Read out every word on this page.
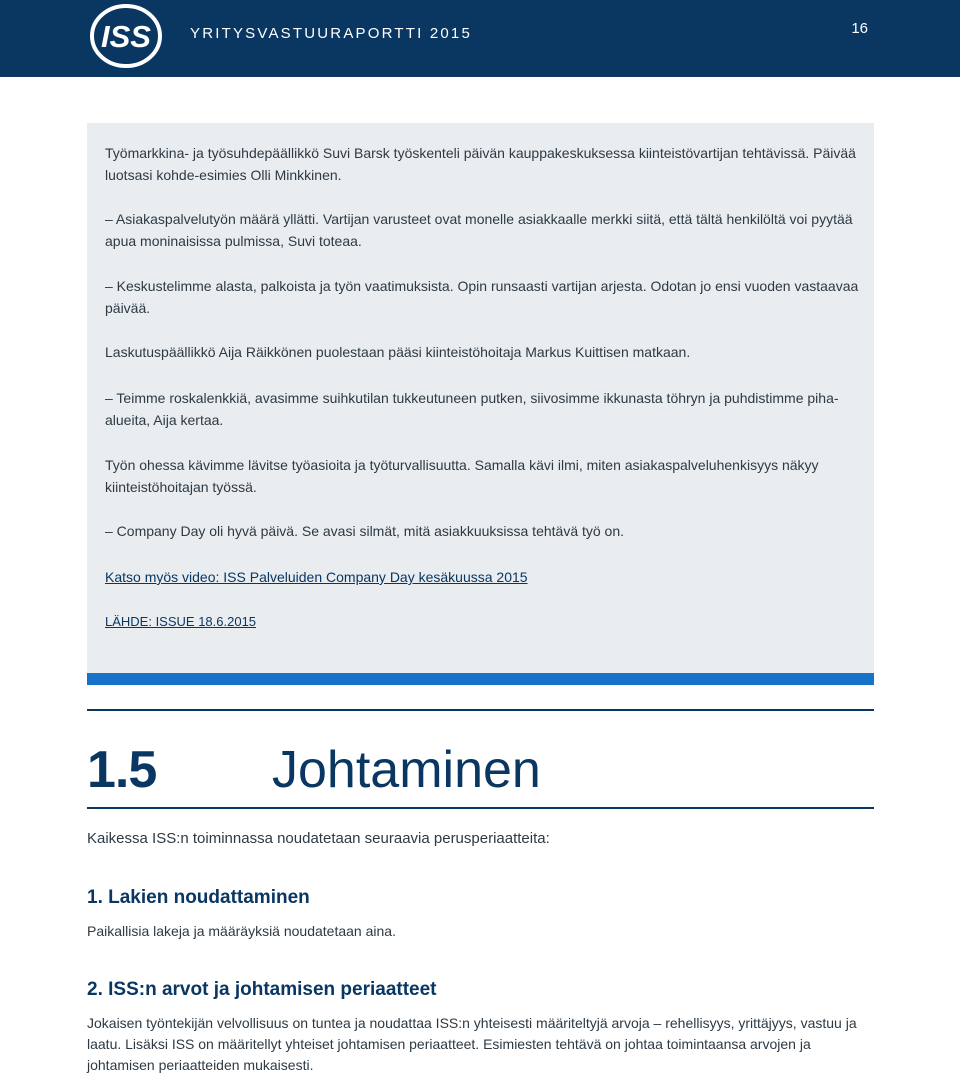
ISS	YRITYSVASTUURAPORTTI 2015	16

Työmarkkina- ja työsuhdepäällikkö Suvi Barsk työskenteli päivän kauppakeskuksessa kiinteistövartijan tehtävissä. Päivää luotsasi kohde-esimies Olli Minkkinen.

– Asiakaspalvelutyön määrä yllätti. Vartijan varusteet ovat monelle asiakkaalle merkki siitä, että tältä henkilöltä voi pyytää apua moninaisissa pulmissa, Suvi toteaa.

– Keskustelimme alasta, palkoista ja työn vaatimuksista. Opin runsaasti vartijan arjesta. Odotan jo ensi vuoden vastaavaa päivää.

Laskutuspäällikkö Aija Räikkönen puolestaan pääsi kiinteistöhoitaja Markus Kuittisen matkaan.

– Teimme roskalenkkiä, avasimme suihkutilan tukkeutuneen putken, siivosimme ikkunasta töhryn ja puhdistimme piha-alueita, Aija kertaa.

Työn ohessa kävimme lävitse työasioita ja työturvallisuutta. Samalla kävi ilmi, miten asiakaspalveluhenkisyys näkyy kiinteistöhoitajan työssä.

– Company Day oli hyvä päivä. Se avasi silmät, mitä asiakkuuksissa tehtävä työ on.

Katso myös video: ISS Palveluiden Company Day kesäkuussa 2015

LÄHDE: ISSUE 18.6.2015

1.5 Johtaminen
Kaikessa ISS:n toiminnassa noudatetaan seuraavia perusperiaatteita:
1. Lakien noudattaminen

Paikallisia lakeja ja määräyksiä noudatetaan aina.

2. ISS:n arvot ja johtamisen periaatteet

Jokaisen työntekijän velvollisuus on tuntea ja noudattaa ISS:n yhteisesti määriteltyjä arvoja – rehellisyys, yrittäjyys, vastuu ja laatu. Lisäksi ISS on määritellyt yhteiset johtamisen periaatteet. Esimiesten tehtävä on johtaa toimintaansa arvojen ja johtamisen periaatteiden mukaisesti.
